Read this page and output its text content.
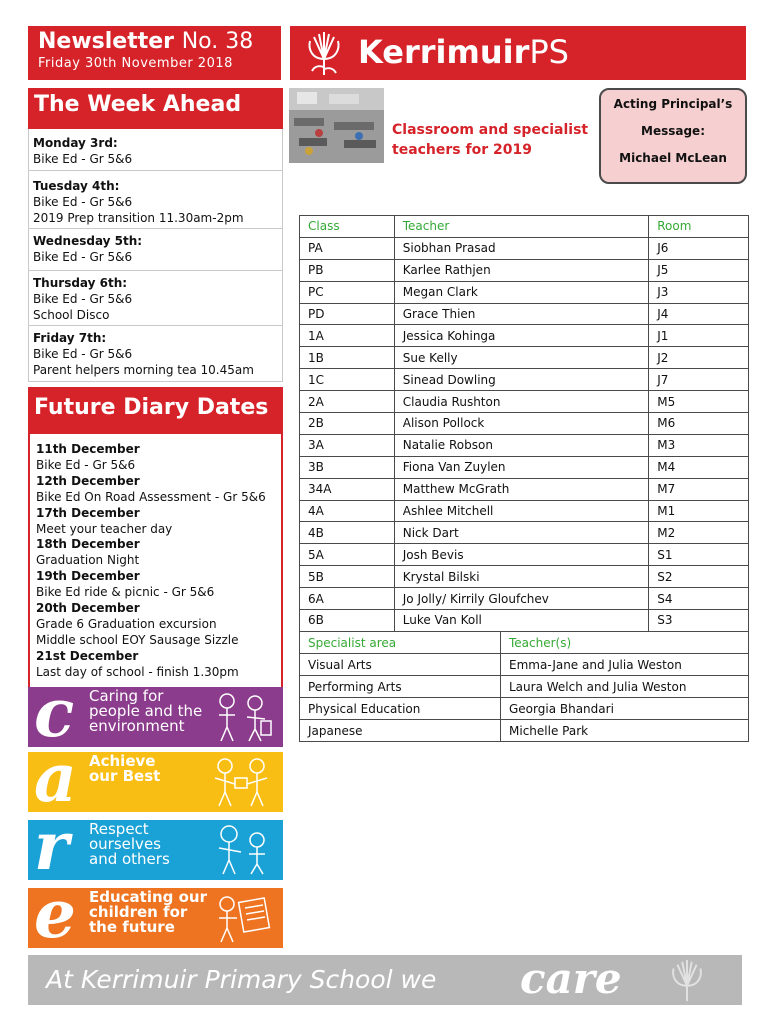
Newsletter No. 38
Friday 30th November 2018	KerrimuirPS
The Week Ahead
Monday 3rd:
Bike Ed - Gr 5&6
Tuesday 4th:
Bike Ed - Gr 5&6
2019 Prep transition 11.30am-2pm
Wednesday 5th:
Bike Ed - Gr 5&6
Thursday 6th:
Bike Ed - Gr 5&6
School Disco
Friday 7th:
Bike Ed - Gr 5&6
Parent helpers morning tea 10.45am
Future Diary Dates
11th December
Bike Ed - Gr 5&6
12th December
Bike Ed On Road Assessment - Gr 5&6
17th December
Meet your teacher day
18th December
Graduation Night
19th December
Bike Ed ride & picnic - Gr 5&6
20th December
Grade 6 Graduation excursion
Middle school EOY Sausage Sizzle
21st December
Last day of school - finish 1.30pm
c Caring for
people and the
environment
a Achieve
our Best
r Respect
ourselves
and others
e Educating our
children for
the future
At Kerrimuir Primary School we care
Classroom and specialist teachers for 2019
Acting Principal’s
Message:
Michael McLean
Class	Teacher	Room
PA	Siobhan Prasad	J6
PB	Karlee Rathjen	J5
PC	Megan Clark	J3
PD	Grace Thien	J4
1A	Jessica Kohinga	J1
1B	Sue Kelly	J2
1C	Sinead Dowling	J7
2A	Claudia Rushton	M5
2B	Alison Pollock	M6
3A	Natalie Robson	M3
3B	Fiona Van Zuylen	M4
34A	Matthew McGrath	M7
4A	Ashlee Mitchell	M1
4B	Nick Dart	M2
5A	Josh Bevis	S1
5B	Krystal Bilski	S2
6A	Jo Jolly/ Kirrily Gloufchev	S4
6B	Luke Van Koll	S3
Specialist area	Teacher(s)
Visual Arts	Emma-Jane and Julia Weston
Performing Arts	Laura Welch and Julia Weston
Physical Education	Georgia Bhandari
Japanese	Michelle Park
